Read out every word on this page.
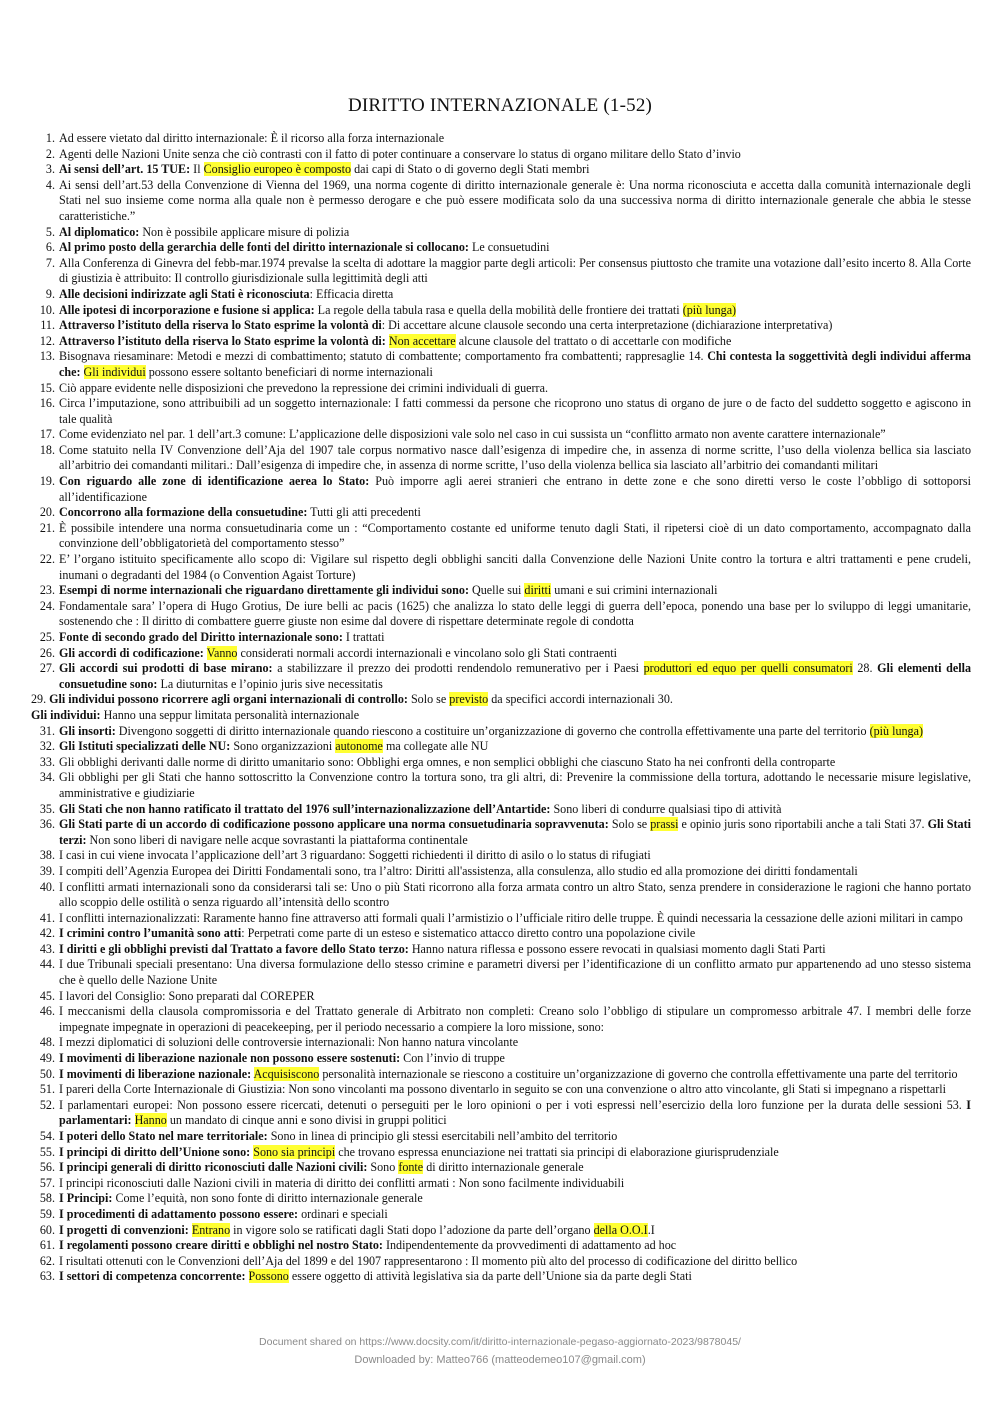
DIRITTO INTERNAZIONALE (1-52)
1. Ad essere vietato dal diritto internazionale: È il ricorso alla forza internazionale
2. Agenti delle Nazioni Unite senza che ciò contrasti con il fatto di poter continuare a conservare lo status di organo militare dello Stato d’invio
3. Ai sensi dell’art. 15 TUE: Il Consiglio europeo è composto dai capi di Stato o di governo degli Stati membri
4. Ai sensi dell’art.53 della Convenzione di Vienna del 1969, una norma cogente di diritto internazionale generale è: Una norma riconosciuta e accetta dalla comunità internazionale degli Stati nel suo insieme come norma alla quale non è permesso derogare e che può essere modificata solo da una successiva norma di diritto internazionale generale che abbia le stesse caratteristiche.”
5. Al diplomatico: Non è possibile applicare misure di polizia
6. Al primo posto della gerarchia delle fonti del diritto internazionale si collocano: Le consuetudini
7. Alla Conferenza di Ginevra del febb-mar.1974 prevalse la scelta di adottare la maggior parte degli articoli: Per consensus piuttosto che tramite una votazione dall’esito incerto 8. Alla Corte di giustizia è attribuito: Il controllo giurisdizionale sulla legittimità degli atti
9. Alle decisioni indirizzate agli Stati è riconosciuta: Efficacia diretta
10. Alle ipotesi di incorporazione e fusione si applica: La regole della tabula rasa e quella della mobilità delle frontiere dei trattati (più lunga)
11. Attraverso l’istituto della riserva lo Stato esprime la volontà di: Di accettare alcune clausole secondo una certa interpretazione (dichiarazione interpretativa)
12. Attraverso l’istituto della riserva lo Stato esprime la volontà di: Non accettare alcune clausole del trattato o di accettarle con modifiche
13. Bisognava riesaminare: Metodi e mezzi di combattimento; statuto di combattente; comportamento fra combattenti; rappresaglie 14. Chi contesta la soggettività degli individui afferma che: Gli individui possono essere soltanto beneficiari di norme internazionali
15. Ciò appare evidente nelle disposizioni che prevedono la repressione dei crimini individuali di guerra.
16. Circa l’imputazione, sono attribuibili ad un soggetto internazionale: I fatti commessi da persone che ricoprono uno status di organo de jure o de facto del suddetto soggetto e agiscono in tale qualità
17. Come evidenziato nel par. 1 dell’art.3 comune: L’applicazione delle disposizioni vale solo nel caso in cui sussista un “conflitto armato non avente carattere internazionale”
18. Come statuito nella IV Convenzione dell’Aja del 1907 tale corpus normativo nasce dall’esigenza di impedire che, in assenza di norme scritte, l’uso della violenza bellica sia lasciato all’arbitrio dei comandanti militari.: Dall’esigenza di impedire che, in assenza di norme scritte, l’uso della violenza bellica sia lasciato all’arbitrio dei comandanti militari
19. Con riguardo alle zone di identificazione aerea lo Stato: Può imporre agli aerei stranieri che entrano in dette zone e che sono diretti verso le coste l’obbligo di sottoporsi all’identificazione
20. Concorrono alla formazione della consuetudine: Tutti gli atti precedenti
21. È possibile intendere una norma consuetudinaria come un : “Comportamento costante ed uniforme tenuto dagli Stati, il ripetersi cioè di un dato comportamento, accompagnato dalla convinzione dell’obbligatorietà del comportamento stesso”
22. E’ l’organo istituito specificamente allo scopo di: Vigilare sul rispetto degli obblighi sanciti dalla Convenzione delle Nazioni Unite contro la tortura e altri trattamenti e pene crudeli, inumani o degradanti del 1984 (o Convention Agaist Torture)
23. Esempi di norme internazionali che riguardano direttamente gli individui sono: Quelle sui diritti umani e sui crimini internazionali
24. Fondamentale sara’ l’opera di Hugo Grotius, De iure belli ac pacis (1625) che analizza lo stato delle leggi di guerra dell’epoca, ponendo una base per lo sviluppo di leggi umanitarie, sostenendo che : Il diritto di combattere guerre giuste non esime dal dovere di rispettare determinate regole di condotta
25. Fonte di secondo grado del Diritto internazionale sono: I trattati
26. Gli accordi di codificazione: Vanno considerati normali accordi internazionali e vincolano solo gli Stati contraenti
27. Gli accordi sui prodotti di base mirano: a stabilizzare il prezzo dei prodotti rendendolo remunerativo per i Paesi produttori ed equo per quelli consumatori 28. Gli elementi della consuetudine sono: La diuturnitas e l’opinio juris sive necessitatis
29. Gli individui possono ricorrere agli organi internazionali di controllo: Solo se previsto da specifici accordi internazionali 30.
Gli individui: Hanno una seppur limitata personalità internazionale
31. Gli insorti: Divengono soggetti di diritto internazionale quando riescono a costituire un’organizzazione di governo che controlla effettivamente una parte del territorio (più lunga)
32. Gli Istituti specializzati delle NU: Sono organizzazioni autonome ma collegate alle NU
33. Gli obblighi derivanti dalle norme di diritto umanitario sono: Obblighi erga omnes, e non semplici obblighi che ciascuno Stato ha nei confronti della controparte
34. Gli obblighi per gli Stati che hanno sottoscritto la Convenzione contro la tortura sono, tra gli altri, di: Prevenire la commissione della tortura, adottando le necessarie misure legislative, amministrative e giudiziarie
35. Gli Stati che non hanno ratificato il trattato del 1976 sull’internazionalizzazione dell’Antartide: Sono liberi di condurre qualsiasi tipo di attività
36. Gli Stati parte di un accordo di codificazione possono applicare una norma consuetudinaria sopravvenuta: Solo se prassi e opinio juris sono riportabili anche a tali Stati 37. Gli Stati terzi: Non sono liberi di navigare nelle acque sovrastanti la piattaforma continentale
38. I casi in cui viene invocata l’applicazione dell’art 3 riguardano: Soggetti richiedenti il diritto di asilo o lo status di rifugiati
39. I compiti dell’Agenzia Europea dei Diritti Fondamentali sono, tra l’altro: Diritti all'assistenza, alla consulenza, allo studio ed alla promozione dei diritti fondamentali
40. I conflitti armati internazionali sono da considerarsi tali se: Uno o più Stati ricorrono alla forza armata contro un altro Stato, senza prendere in considerazione le ragioni che hanno portato allo scoppio delle ostilità o senza riguardo all’intensità dello scontro
41. I conflitti internazionalizzati: Raramente hanno fine attraverso atti formali quali l’armistizio o l’ufficiale ritiro delle truppe. È quindi necessaria la cessazione delle azioni militari in campo
42. I crimini contro l’umanità sono atti: Perpetrati come parte di un esteso e sistematico attacco diretto contro una popolazione civile
43. I diritti e gli obblighi previsti dal Trattato a favore dello Stato terzo: Hanno natura riflessa e possono essere revocati in qualsiasi momento dagli Stati Parti
44. I due Tribunali speciali presentano: Una diversa formulazione dello stesso crimine e parametri diversi per l’identificazione di un conflitto armato pur appartenendo ad uno stesso sistema che è quello delle Nazione Unite
45. I lavori del Consiglio: Sono preparati dal COREPER
46. I meccanismi della clausola compromissoria e del Trattato generale di Arbitrato non completi: Creano solo l’obbligo di stipulare un compromesso arbitrale 47. I membri delle forze impegnate impegnate in operazioni di peacekeeping, per il periodo necessario a compiere la loro missione, sono:
48. I mezzi diplomatici di soluzioni delle controversie internazionali: Non hanno natura vincolante
49. I movimenti di liberazione nazionale non possono essere sostenuti: Con l’invio di truppe
50. I movimenti di liberazione nazionale: Acquisiscono personalità internazionale se riescono a costituire un’organizzazione di governo che controlla effettivamente una parte del territorio
51. I pareri della Corte Internazionale di Giustizia: Non sono vincolanti ma possono diventarlo in seguito se con una convenzione o altro atto vincolante, gli Stati si impegnano a rispettarli
52. I parlamentari europei: Non possono essere ricercati, detenuti o perseguiti per le loro opinioni o per i voti espressi nell’esercizio della loro funzione per la durata delle sessioni 53. I parlamentari: Hanno un mandato di cinque anni e sono divisi in gruppi politici
54. I poteri dello Stato nel mare territoriale: Sono in linea di principio gli stessi esercitabili nell’ambito del territorio
55. I principi di diritto dell’Unione sono: Sono sia principi che trovano espressa enunciazione nei trattati sia principi di elaborazione giurisprudenziale
56. I principi generali di diritto riconosciuti dalle Nazioni civili: Sono fonte di diritto internazionale generale
57. I principi riconosciuti dalle Nazioni civili in materia di diritto dei conflitti armati : Non sono facilmente individuabili
58. I Principi: Come l’equità, non sono fonte di diritto internazionale generale
59. I procedimenti di adattamento possono essere: ordinari e speciali
60. I progetti di convenzioni: Entrano in vigore solo se ratificati dagli Stati dopo l’adozione da parte dell’organo della O.O.I.I
61. I regolamenti possono creare diritti e obblighi nel nostro Stato: Indipendentemente da provvedimenti di adattamento ad hoc
62. I risultati ottenuti con le Convenzioni dell’Aja del 1899 e del 1907 rappresentarono : Il momento più alto del processo di codificazione del diritto bellico
63. I settori di competenza concorrente: Possono essere oggetto di attività legislativa sia da parte dell’Unione sia da parte degli Stati
Document shared on https://www.docsity.com/it/diritto-internazionale-pegaso-aggiornato-2023/9878045/
Downloaded by: Matteo766 (matteodemeo107@gmail.com)
